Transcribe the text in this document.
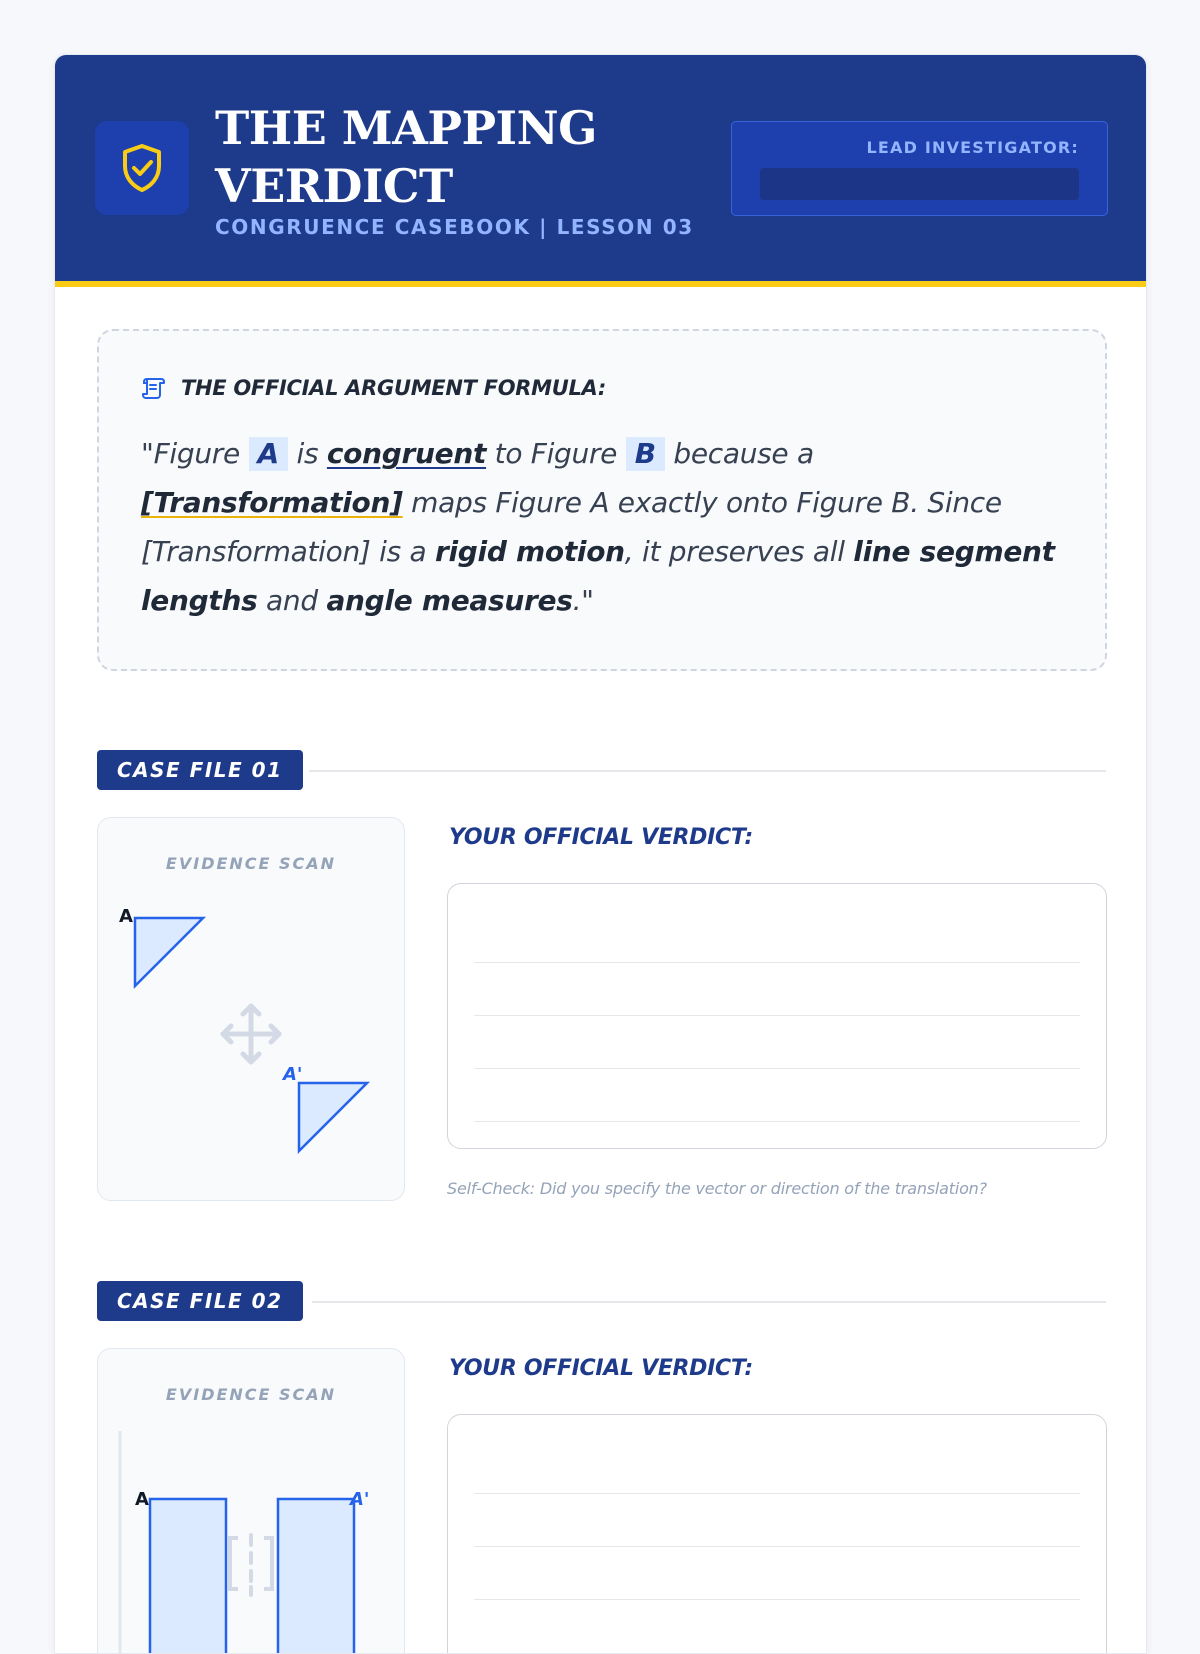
THE MAPPING
VERDICT
CONGRUENCE CASEBOOK | LESSON 03
LEAD INVESTIGATOR:
THE OFFICIAL ARGUMENT FORMULA:
"Figure A is congruent to Figure B because a [Transformation] maps Figure A exactly onto Figure B. Since [Transformation] is a rigid motion, it preserves all line segment lengths and angle measures."
CASE FILE 01
EVIDENCE SCAN
A
A'
YOUR OFFICIAL VERDICT:
Self-Check: Did you specify the vector or direction of the translation?
CASE FILE 02
EVIDENCE SCAN
A	A'
YOUR OFFICIAL VERDICT:
